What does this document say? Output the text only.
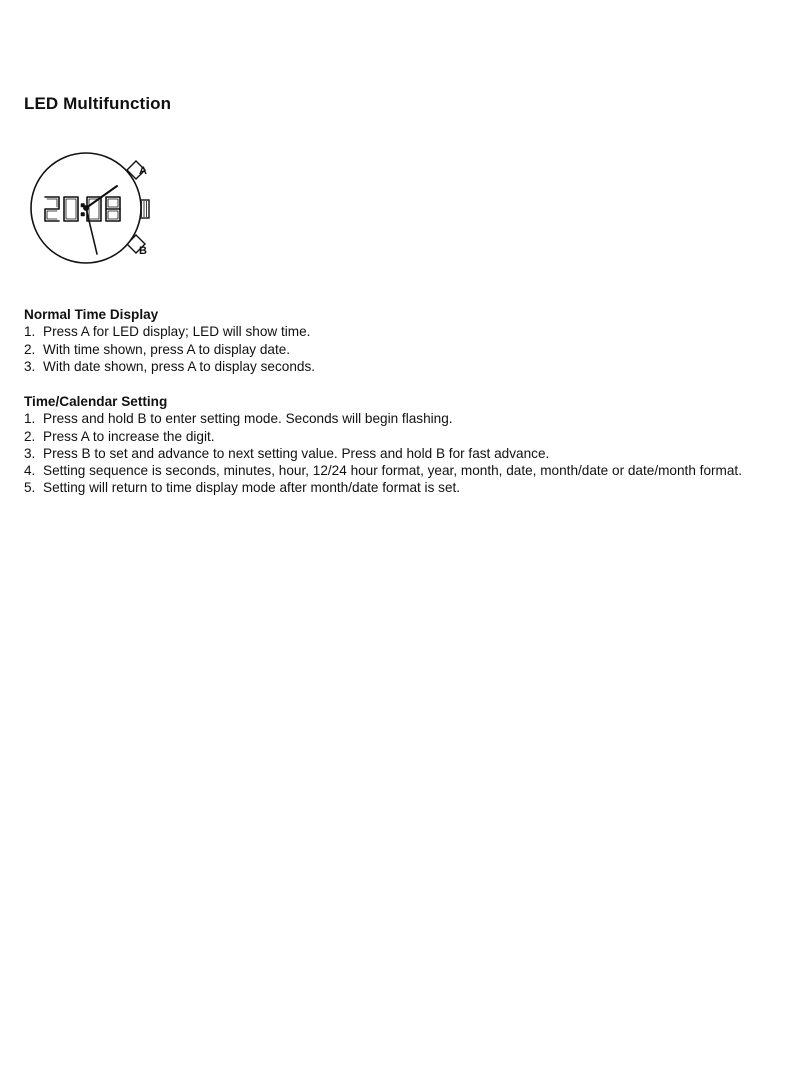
LED Multifunction
A
B
Normal Time Display
1. Press A for LED display; LED will show time.
2. With time shown, press A to display date.
3. With date shown, press A to display seconds.
Time/Calendar Setting
1. Press and hold B to enter setting mode. Seconds will begin flashing.
2. Press A to increase the digit.
3. Press B to set and advance to next setting value. Press and hold B for fast advance.
4. Setting sequence is seconds, minutes, hour, 12/24 hour format, year, month, date, month/date or date/month format.
5. Setting will return to time display mode after month/date format is set.
